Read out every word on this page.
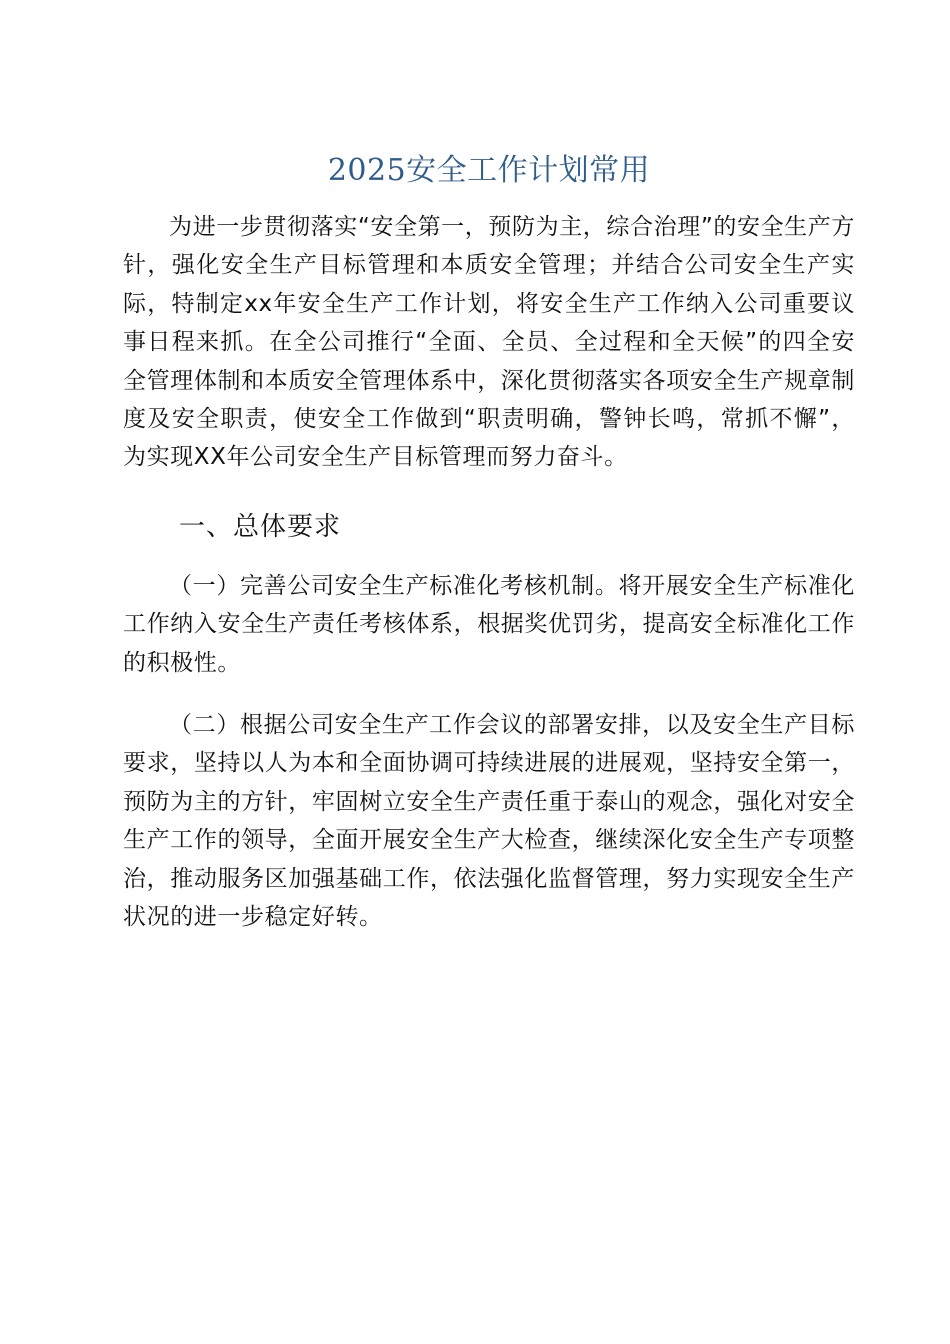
2025安全工作计划常用

为进一步贯彻落实“安全第一，预防为主，综合治理”的安全生产方针，强化安全生产目标管理和本质安全管理；并结合公司安全生产实际，特制定xx年安全生产工作计划，将安全生产工作纳入公司重要议事日程来抓。在全公司推行“全面、全员、全过程和全天候”的四全安全管理体制和本质安全管理体系中，深化贯彻落实各项安全生产规章制度及安全职责，使安全工作做到“职责明确，警钟长鸣，常抓不懈”，为实现XX年公司安全生产目标管理而努力奋斗。

一、总体要求

（一）完善公司安全生产标准化考核机制。将开展安全生产标准化工作纳入安全生产责任考核体系，根据奖优罚劣，提高安全标准化工作的积极性。

（二）根据公司安全生产工作会议的部署安排，以及安全生产目标要求，坚持以人为本和全面协调可持续进展的进展观，坚持安全第一，预防为主的方针，牢固树立安全生产责任重于泰山的观念，强化对安全生产工作的领导，全面开展安全生产大检查，继续深化安全生产专项整治，推动服务区加强基础工作，依法强化监督管理，努力实现安全生产状况的进一步稳定好转。
